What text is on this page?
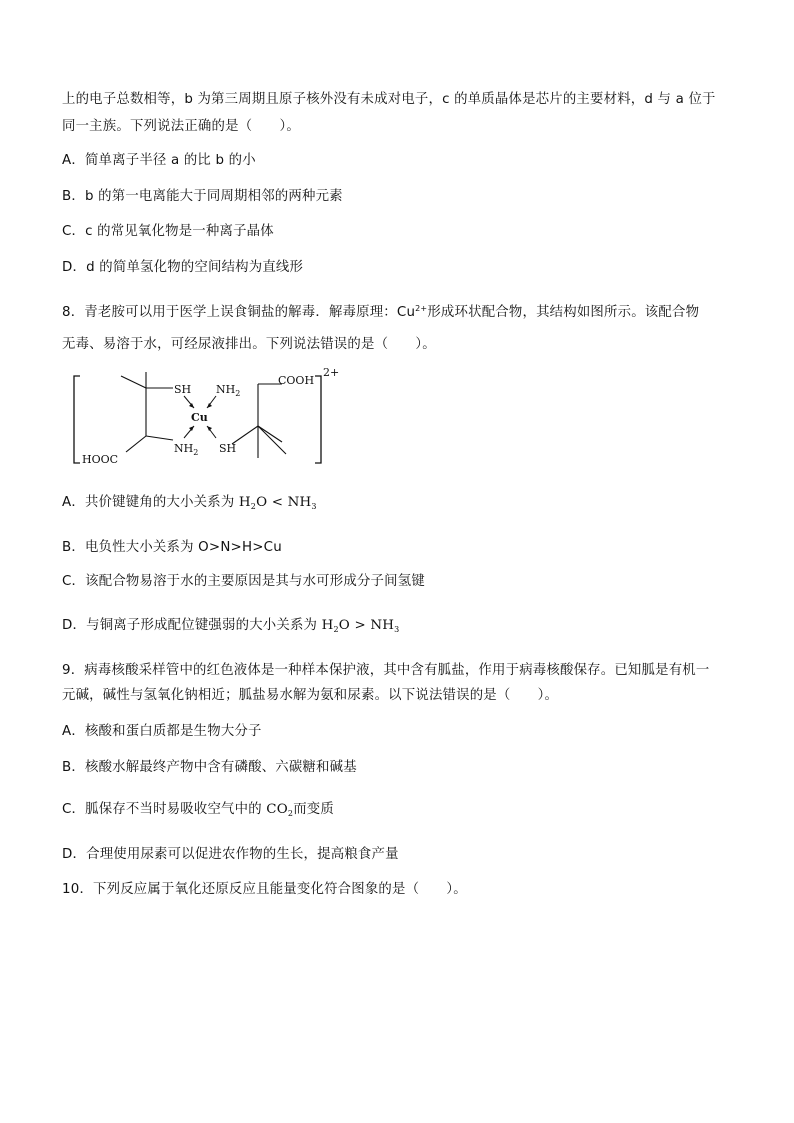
上的电子总数相等，b 为第三周期且原子核外没有未成对电子，c 的单质晶体是芯片的主要材料，d 与 a 位于
同一主族。下列说法正确的是（　　）。
A．简单离子半径 a 的比 b 的小
B．b 的第一电离能大于同周期相邻的两种元素
C．c 的常见氧化物是一种离子晶体
D．d 的简单氢化物的空间结构为直线形
8．青老胺可以用于医学上误食铜盐的解毒．解毒原理：$Cu^{2+}$形成环状配合物，其结构如图所示。该配合物
无毒、易溶于水，可经尿液排出。下列说法错误的是（　　）。
SH $NH_2$
Cu
$NH_2$ SH
COOH
HOOC
2+
A．共价键键角的大小关系为 $H_2O < NH_3$
B．电负性大小关系为 O>N>H>Cu
C．该配合物易溶于水的主要原因是其与水可形成分子间氢键
D．与铜离子形成配位键强弱的大小关系为 $H_2O > NH_3$
9．病毒核酸采样管中的红色液体是一种样本保护液，其中含有胍盐，作用于病毒核酸保存。已知胍是有机一
元碱，碱性与氢氧化钠相近；胍盐易水解为氨和尿素。以下说法错误的是（　　）。
A．核酸和蛋白质都是生物大分子
B．核酸水解最终产物中含有磷酸、六碳糖和碱基
C．胍保存不当时易吸收空气中的 $CO_2$而变质
D．合理使用尿素可以促进农作物的生长，提高粮食产量
10．下列反应属于氧化还原反应且能量变化符合图象的是（　　）。
